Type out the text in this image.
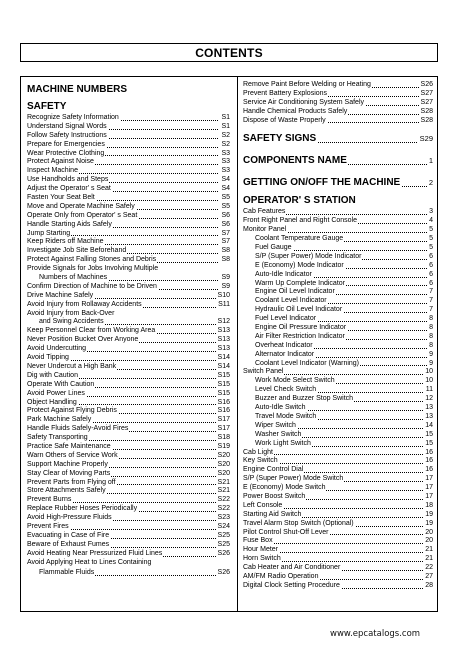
CONTENTS
MACHINE NUMBERS
SAFETY
Recognize Safety Information	S1
Understand Signal Words	S1
Follow Safety Instructions	S2
Prepare for Emergencies	S2
Wear Protective Clothing	S3
Protect Against Noise	S3
Inspect Machine	S3
Use Handholds and Steps	S4
Adjust the Operator' s Seat	S4
Fasten Your Seat Belt	S5
Move and Operate Machine Safely	S5
Operate Only from Operator' s Seat	S6
Handle Starting Aids Safely	S6
Jump Starting	S7
Keep Riders off Machine	S7
Investigate Job Site Beforehand	S8
Protect Against Falling Stones and Debris	S8
Provide Signals for Jobs Involving Multiple
Numbers of Machines	S9
Confirm Direction of Machine to be Driven	S9
Drive Machine Safely	S10
Avoid Injury from Rollaway Accidents	S11
Avoid Injury from Back-Over
and Swing Accidents	S12
Keep Personnel Clear from Working Area	S13
Never Position Bucket Over Anyone	S13
Avoid Undercutting	S13
Avoid Tipping	S14
Never Undercut a High Bank	S14
Dig with Caution	S15
Operate With Caution	S15
Avoid Power Lines	S15
Object Handling	S16
Protect Against Flying Debris	S16
Park Machine Safely	S17
Handle Fluids Safely-Avoid Fires	S17
Safety Transporting	S18
Practice Safe Maintenance	S19
Warn Others of Service Work	S20
Support Machine Properly	S20
Stay Clear of Moving Parts	S20
Prevent Parts from Flying off	S21
Store Attachments Safely	S21
Prevent Burns	S22
Replace Rubber Hoses Periodically	S22
Avoid High-Pressure Fluids	S23
Prevent Fires	S24
Evacuating in Case of Fire	S25
Beware of Exhaust Fumes	S25
Avoid Heating Near Pressurized Fluid Lines	S26
Avoid Applying Heat to Lines Containing
Flammable Fluids	S26
Remove Paint Before Welding or Heating	S26
Prevent Battery Explosions	S27
Service Air Conditioning System Safely	S27
Handle Chemical Products Safely	S28
Dispose of Waste Properly	S28
SAFETY SIGNS	S29
COMPONENTS NAME	1
GETTING ON/OFF THE MACHINE	2
OPERATOR' S STATION
Cab Features	3
Front Right Panel and Right Console	4
Monitor Panel	5
Coolant Temperature Gauge	5
Fuel Gauge	5
S/P (Super Power) Mode Indicator	6
E (Economy) Mode Indicator	6
Auto-Idle Indicator	6
Warm Up Complete Indicator	6
Engine Oil Level Indicator	7
Coolant Level Indicator	7
Hydraulic Oil Level Indicator	7
Fuel Level Indicator	8
Engine Oil Pressure Indicator	8
Air Filter Restriction Indicator	8
Overheat Indicator	8
Alternator Indicator	9
Coolant Level Indicator (Warning)	9
Switch Panel	10
Work Mode Select Switch	10
Level Check Switch	11
Buzzer and Buzzer Stop Switch	12
Auto-Idle Switch	13
Travel Mode Switch	13
Wiper Switch	14
Washer Switch	15
Work Light Switch	15
Cab Light	16
Key Switch	16
Engine Control Dial	16
S/P (Super Power) Mode Switch	17
E (Economy) Mode Switch	17
Power Boost Switch	17
Left Console	18
Starting Aid Switch	19
Travel Alarm Stop Switch (Optional)	19
Pilot Control Shut-Off Lever	20
Fuse Box	20
Hour Meter	21
Horn Switch	21
Cab Heater and Air Conditioner	22
AM/FM Radio Operation	27
Digital Clock Setting Procedure	28
www.epcatalogs.com
